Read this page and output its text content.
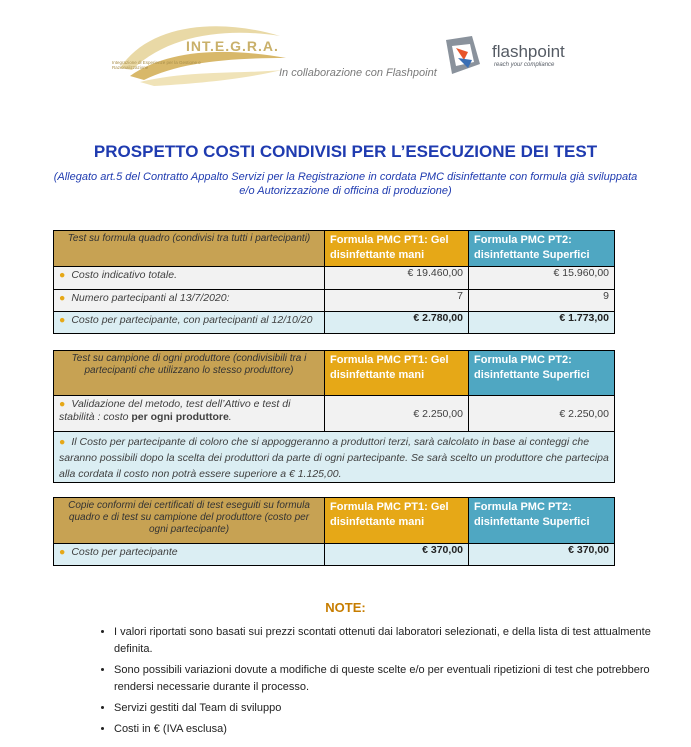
INT.E.G.R.A.
Integrazione di Esperienze per la Gestione e Razionalizzazione	In collaborazione con Flashpoint
flashpoint
reach your compliance
PROSPETTO COSTI CONDIVISI PER L’ESECUZIONE DEI TEST
(Allegato art.5 del Contratto Appalto Servizi per la Registrazione in cordata PMC disinfettante con formula già sviluppata e/o Autorizzazione di officina di produzione)
Test su formula quadro (condivisi tra tutti i partecipanti)	Formula PMC PT1: Gel disinfettante mani	Formula PMC PT2: disinfettante Superfici

● Costo indicativo totale.	€ 19.460,00	€ 15.960,00

● Numero partecipanti al 13/7/2020:	7	9

● Costo per partecipante, con partecipanti al 12/10/20	€ 2.780,00	€ 1.773,00
Test su campione di ogni produttore (condivisibili tra i partecipanti che utilizzano lo stesso produttore)	Formula PMC PT1: Gel disinfettante mani	Formula PMC PT2: disinfettante Superfici

● Validazione del metodo, test dell’Attivo e test di stabilità : costo per ogni produttore.	€ 2.250,00	€ 2.250,00

● Il Costo per partecipante di coloro che si appoggeranno a produttori terzi, sarà calcolato in base ai conteggi che saranno possibili dopo la scelta dei produttori da parte di ogni partecipante. Se sarà scelto un produttore che partecipa alla cordata il costo non potrà essere superiore a € 1.125,00.		
Copie conformi dei certificati di test eseguiti su formula quadro e di test su campione del produttore (costo per ogni partecipante)	Formula PMC PT1: Gel disinfettante mani	Formula PMC PT2: disinfettante Superfici

● Costo per partecipante	€ 370,00	€ 370,00
NOTE:
• I valori riportati sono basati sui prezzi scontati ottenuti dai laboratori selezionati, e della lista di test attualmente definita.
• Sono possibili variazioni dovute a modifiche di queste scelte e/o per eventuali ripetizioni di test che potrebbero rendersi necessarie durante il processo.
• Servizi gestiti dal Team di sviluppo
• Costi in € (IVA esclusa)
